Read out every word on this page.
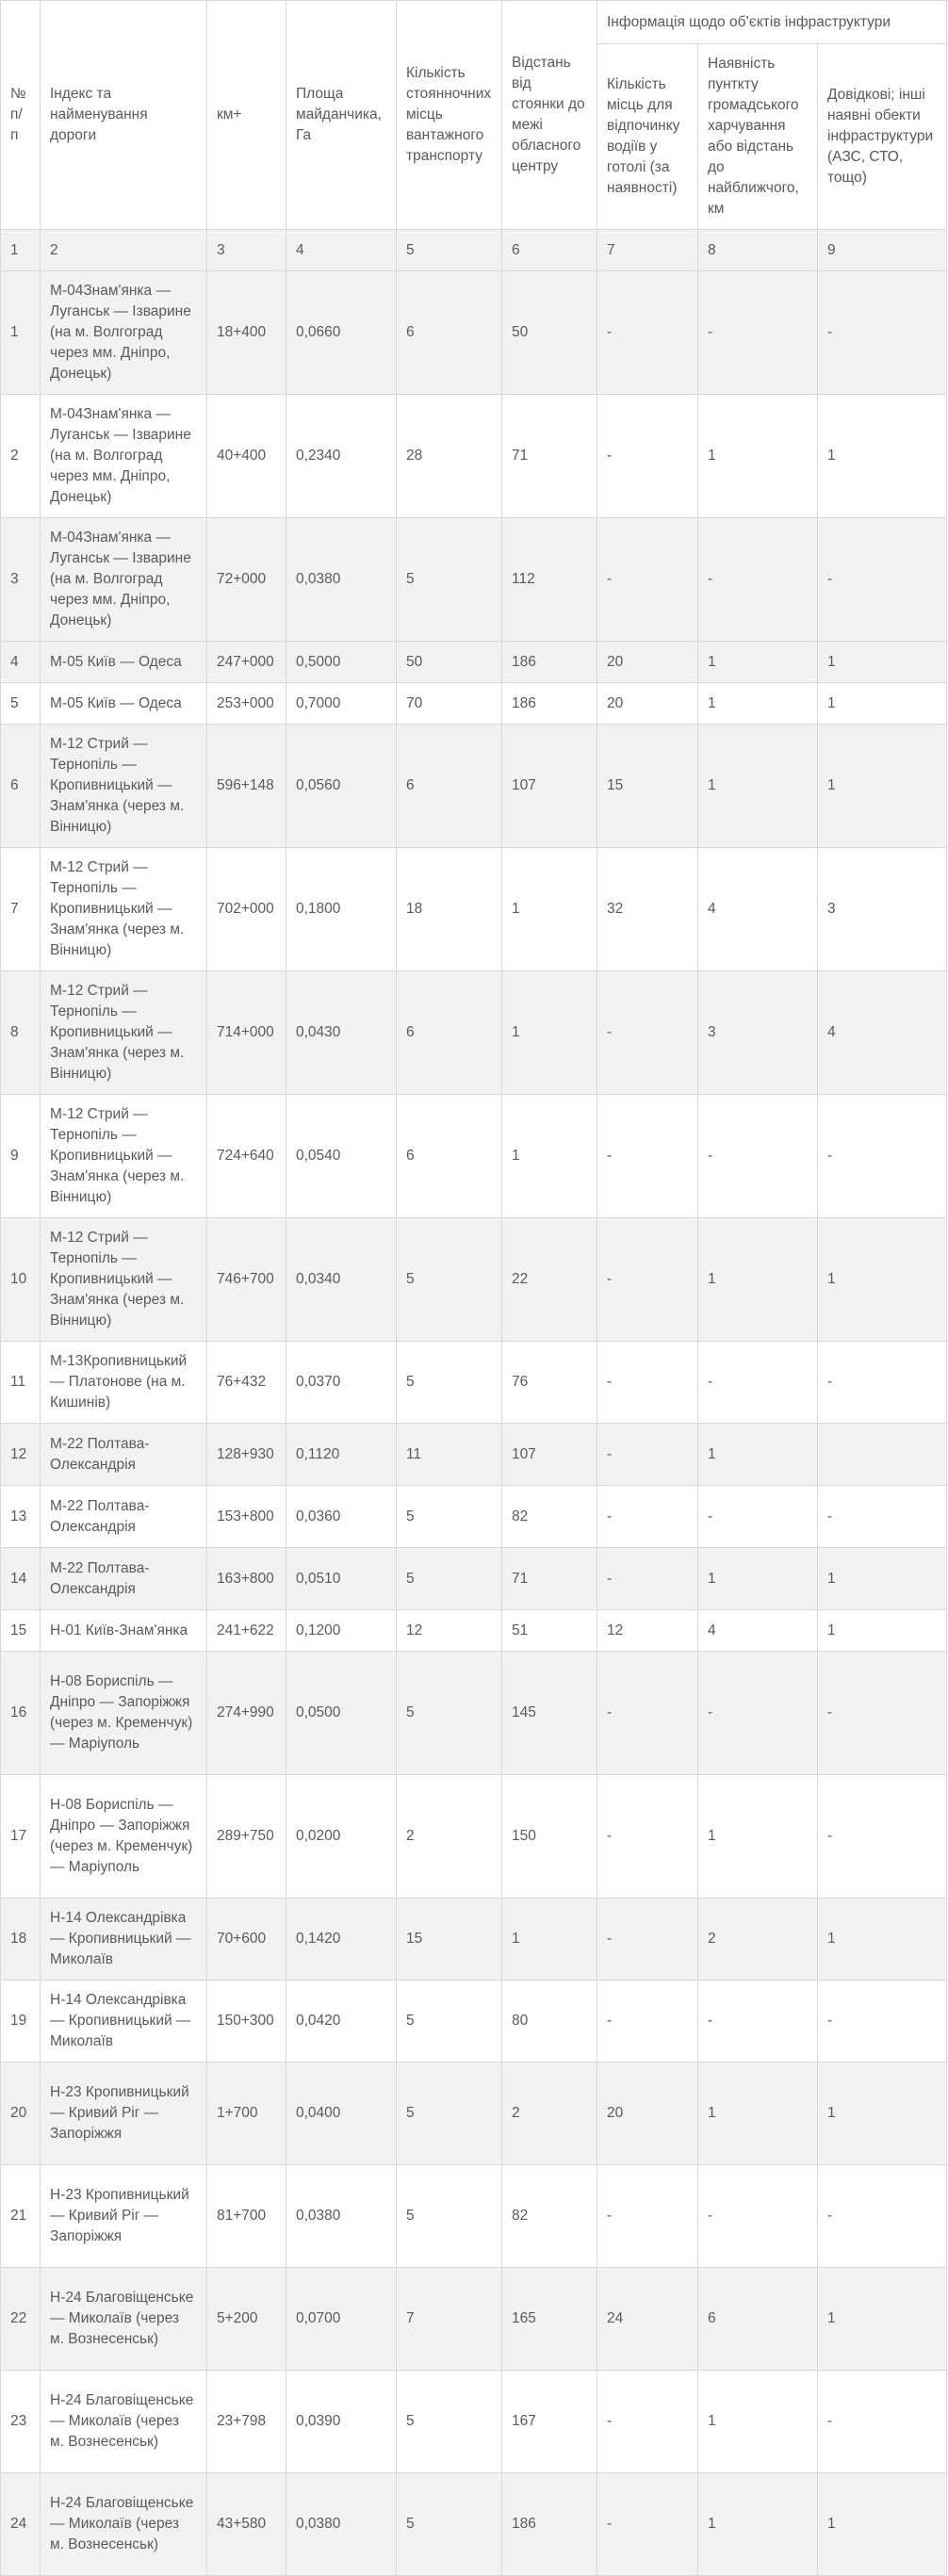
№ п/п	Індекс та найменування дороги	км+	Площа майданчика, Га	Кількість стоянночних місць вантажного транспорту	Відстань від стоянки до межі обласного центру	Інформація щодо об’єктів інфраструктури		
						Кількість місць для відпочинку водіїв у готолі (за наявності)	Наявність пунткту громадського харчування або відстань до найближчого, км	Довідкові; інші наявні обекти інфраструктури (АЗС, СТО, тощо)
1	2	3	4	5	6	7	8	9
1	М-04Знам'янка — Луганськ — Ізварине (на м. Волгоград через мм. Дніпро, Донецьк)	18+400	0,0660	6	50	-	-	-
2	М-04Знам'янка — Луганськ — Ізварине (на м. Волгоград через мм. Дніпро, Донецьк)	40+400	0,2340	28	71	-	1	1
3	М-04Знам'янка — Луганськ — Ізварине (на м. Волгоград через мм. Дніпро, Донецьк)	72+000	0,0380	5	112	-	-	-
4	М-05 Київ — Одеса	247+000	0,5000	50	186	20	1	1
5	М-05 Київ — Одеса	253+000	0,7000	70	186	20	1	1
6	М-12 Стрий — Тернопіль — Кропивницький — Знам'янка (через м. Вінницю)	596+148	0,0560	6	107	15	1	1
7	М-12 Стрий — Тернопіль — Кропивницький — Знам'янка (через м. Вінницю)	702+000	0,1800	18	1	32	4	3
8	М-12 Стрий — Тернопіль — Кропивницький — Знам'янка (через м. Вінницю)	714+000	0,0430	6	1	-	3	4
9	М-12 Стрий — Тернопіль — Кропивницький — Знам'янка (через м. Вінницю)	724+640	0,0540	6	1	-	-	-
10	М-12 Стрий — Тернопіль — Кропивницький — Знам'янка (через м. Вінницю)	746+700	0,0340	5	22	-	1	1
11	М-13Кропивницький — Платонове (на м. Кишинів)	76+432	0,0370	5	76	-	-	-
12	М-22 Полтава-Олександрія	128+930	0,1120	11	107	-	1	
13	М-22 Полтава-Олександрія	153+800	0,0360	5	82	-	-	-
14	М-22 Полтава-Олександрія	163+800	0,0510	5	71	-	1	1
15	Н-01 Київ-Знам'янка	241+622	0,1200	12	51	12	4	1
16	Н-08 Бориспіль — Дніпро — Запоріжжя (через м. Кременчук) — Маріуполь	274+990	0,0500	5	145	-	-	-
17	Н-08 Бориспіль — Дніпро — Запоріжжя (через м. Кременчук) — Маріуполь	289+750	0,0200	2	150	-	1	-
18	Н-14 Олександрівка — Кропивницький — Миколаїв	70+600	0,1420	15	1	-	2	1
19	Н-14 Олександрівка — Кропивницький — Миколаїв	150+300	0,0420	5	80	-	-	-
20	Н-23 Кропивницький — Кривий Ріг — Запоріжжя	1+700	0,0400	5	2	20	1	1
21	Н-23 Кропивницький — Кривий Ріг — Запоріжжя	81+700	0,0380	5	82	-	-	-
22	Н-24 Благовіщенське — Миколаїв (через м. Вознесенськ)	5+200	0,0700	7	165	24	6	1
23	Н-24 Благовіщенське — Миколаїв (через м. Вознесенськ)	23+798	0,0390	5	167	-	1	-
24	Н-24 Благовіщенське — Миколаїв (через м. Вознесенськ)	43+580	0,0380	5	186	-	1	1
